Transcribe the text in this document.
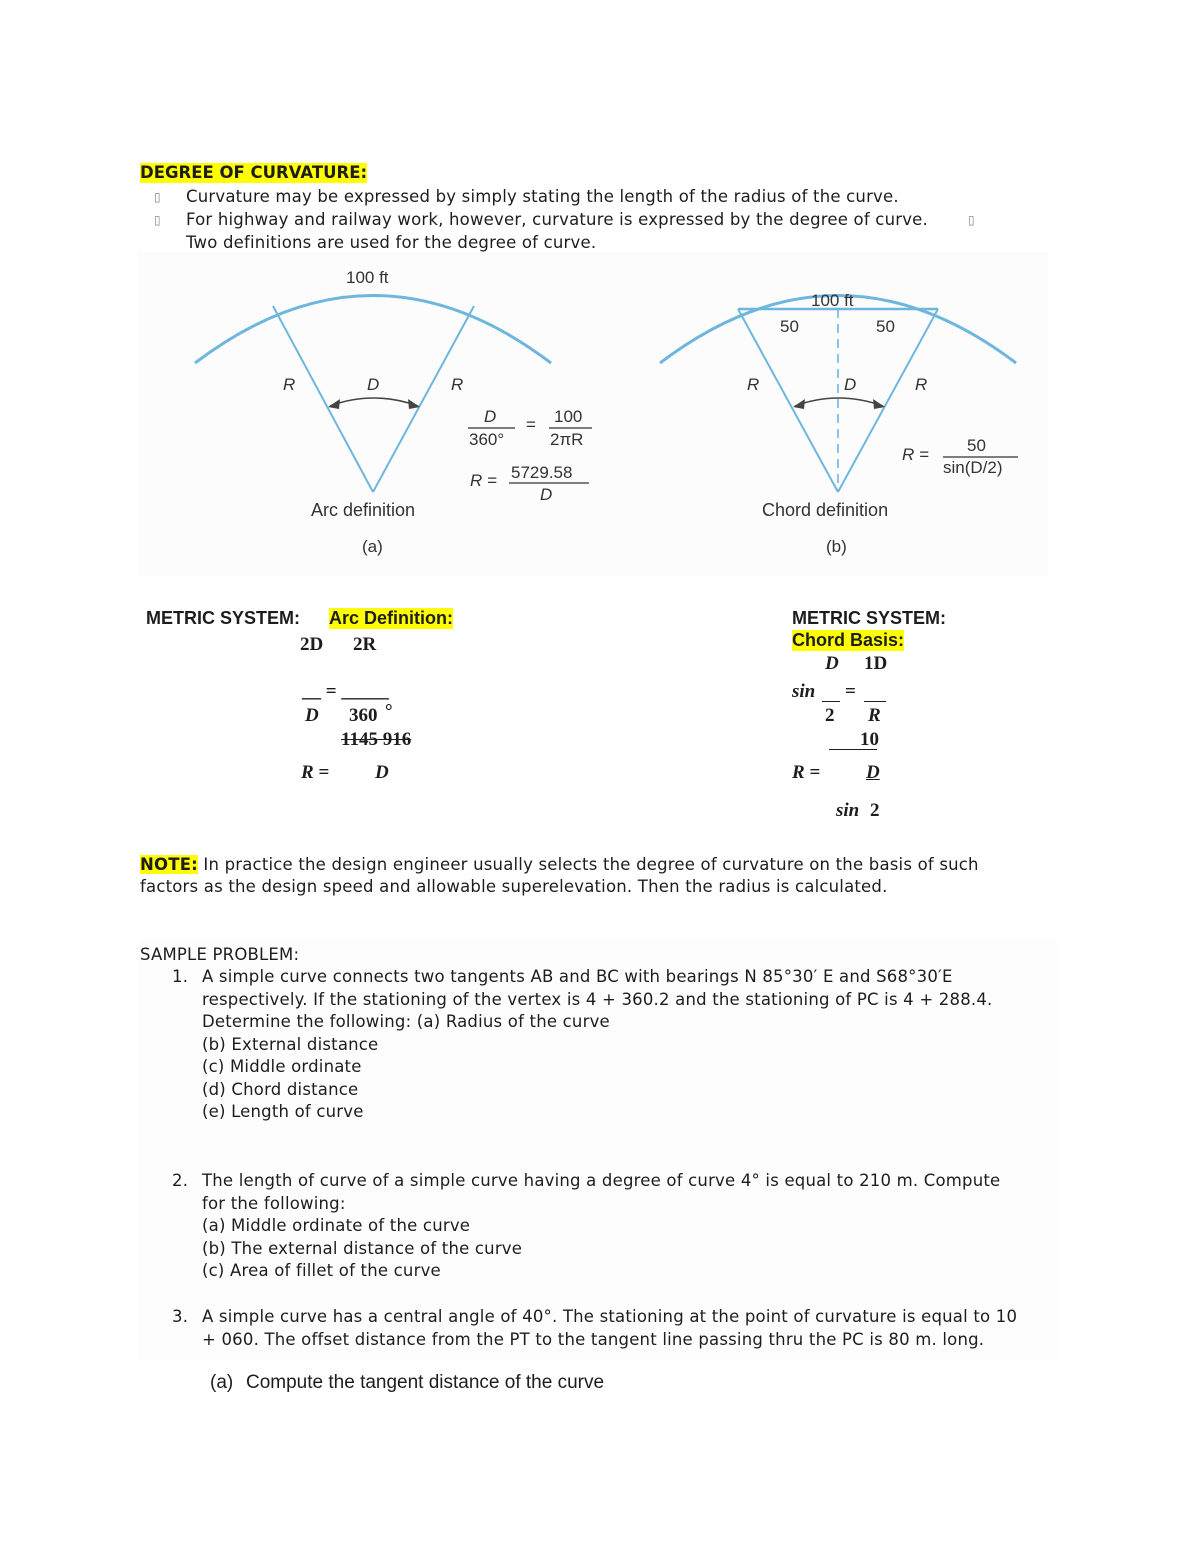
DEGREE OF CURVATURE:
▯ Curvature may be expressed by simply stating the length of the radius of the curve.
▯ For highway and railway work, however, curvature is expressed by the degree of curve.	▯
Two definitions are used for the degree of curve.
100 ft
R	D	R
D
360°
= 100
2πR
R = 5729.58
D
Arc definition
(a)
100 ft
50	50
R	D	R
R = 50
sin(D/2)
Chord definition
(b)
METRIC SYSTEM: Arc Definition:
2D 2R
__ = _____
D 360 °
1145 916
R = D
METRIC SYSTEM:
Chord Basis:
D 1D
sin =
2 R
10
R = D
sin 2
NOTE: In practice the design engineer usually selects the degree of curvature on the basis of such
factors as the design speed and allowable superelevation. Then the radius is calculated.
SAMPLE PROBLEM:
1. A simple curve connects two tangents AB and BC with bearings N 85°30′ E and S68°30′E
respectively. If the stationing of the vertex is 4 + 360.2 and the stationing of PC is 4 + 288.4.
Determine the following: (a) Radius of the curve
(b) External distance
(c) Middle ordinate
(d) Chord distance
(e) Length of curve
2. The length of curve of a simple curve having a degree of curve 4° is equal to 210 m. Compute
for the following:
(a) Middle ordinate of the curve
(b) The external distance of the curve
(c) Area of fillet of the curve
3. A simple curve has a central angle of 40°. The stationing at the point of curvature is equal to 10
+ 060. The offset distance from the PT to the tangent line passing thru the PC is 80 m. long.
(a) Compute the tangent distance of the curve
